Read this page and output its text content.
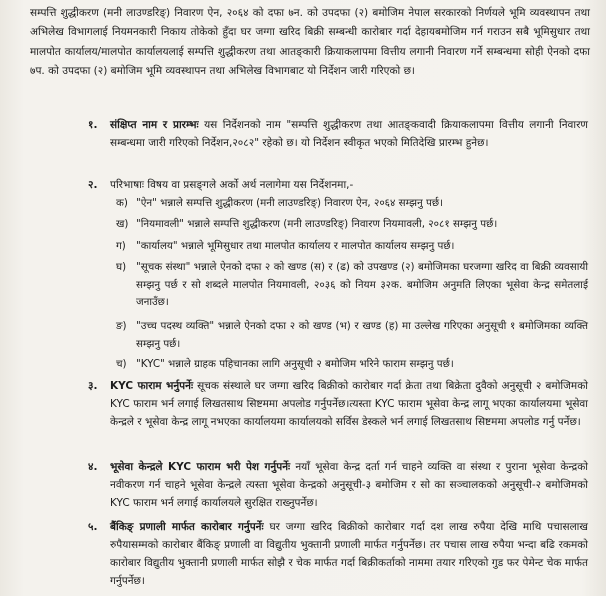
सम्पत्ति शुद्धीकरण (मनी लाउण्डरिङ्) निवारण ऐन, २०६४ को दफा ७न. को उपदफा (२) बमोजिम नेपाल सरकारको निर्णयले भूमि व्यवस्थापन तथा अभिलेख विभागलाई नियमनकारी निकाय तोकेको हुँदा घर जग्गा खरिद बिक्री सम्बन्धी कारोबार गर्दा देहायबमोजिम गर्न गराउन सबै भूमिसुधार तथा मालपोत कार्यालय/मालपोत कार्यालयलाई सम्पत्ति शुद्धीकरण तथा आतङ्‌कारी क्रियाकलापमा वित्तीय लगानी निवारण गर्ने सम्बन्धमा सोही ऐनको दफा ७प. को उपदफा (२) बमोजिम भूमि व्यवस्थापन तथा अभिलेख विभागबाट यो निर्देशन जारी गरिएको छ।

१. संक्षिप्त नाम र प्रारम्भः यस निर्देशनको नाम "सम्पत्ति शुद्धीकरण तथा आतङ्‌कवादी क्रियाकलापमा वित्तीय लगानी निवारण सम्बन्धमा जारी गरिएको निर्देशन,२०८२" रहेको छ। यो निर्देशन स्वीकृत भएको मितिदेखि प्रारम्भ हुनेछ।
२. परिभाषाः विषय वा प्रसङ्‌गले अर्को अर्थ नलागेमा यस निर्देशनमा,-
क) "ऐन" भन्नाले सम्पत्ति शुद्धीकरण (मनी लाउण्डरिङ्) निवारण ऐन, २०६४ सम्झनु पर्छ।
ख) "नियमावली" भन्नाले सम्पत्ति शुद्धीकरण (मनी लाउण्डरिङ्) निवारण नियमावली, २०८१ सम्झनु पर्छ।
ग) "कार्यालय" भन्नाले भूमिसुधार तथा मालपोत कार्यालय र मालपोत कार्यालय सम्झनु पर्छ।
घ) "सूचक संस्था" भन्नाले ऐनको दफा २ को खण्ड (स) र (ढ) को उपखण्ड (२) बमोजिमका घरजग्गा खरिद वा बिक्री व्यवसायी सम्झनु पर्छ र सो शब्दले मालपोत नियमावली, २०३६ को नियम ३२क. बमोजिम अनुमति लिएका भूसेवा केन्द्र समेतलाई जनाउँछ।
ङ) "उच्च पदस्थ व्यक्ति" भन्नाले ऐनको दफा २ को खण्ड (भ) र खण्ड (ह) मा उल्लेख गरिएका अनुसूची १ बमोजिमका व्यक्ति सम्झनु पर्छ।
च) "KYC" भन्नाले ग्राहक पहिचानका लागि अनुसूची २ बमोजिम भरिने फाराम सम्झनु पर्छ।
३. KYC फाराम भर्नुपर्नेः सूचक संस्थाले घर जग्गा खरिद बिक्रीको कारोबार गर्दा क्रेता तथा बिक्रेता दुवैको अनुसूची २ बमोजिमको KYC फाराम भर्न लगाई लिखतसाथ सिष्टममा अपलोड गर्नुपर्नेछ।त्यस्ता KYC फाराम भूसेवा केन्द्र लागू भएका कार्यालयमा भूसेवा केन्द्रले र भूसेवा केन्द्र लागू नभएका कार्यालयमा कार्यालयको सर्विस डेस्कले भर्न लगाई लिखतसाथ सिष्टममा अपलोड गर्नु पर्नेछ।
४. भूसेवा केन्द्रले KYC फाराम भरी पेश गर्नुपर्नेः नयाँ भूसेवा केन्द्र दर्ता गर्न चाहने व्यक्ति वा संस्था र पुराना भूसेवा केन्द्रको नवीकरण गर्न चाहने भूसेवा केन्द्रले त्यस्ता भूसेवा केन्द्रको अनुसूची-३ बमोजिम र सो का सञ्चालकको अनुसूची-२ बमोजिमको KYC फाराम भर्न लगाई कार्यालयले सुरक्षित राख्नुपर्नेछ।
५. बैंकिङ्‌ प्रणाली मार्फत कारोबार गर्नुपर्नेः घर जग्गा खरिद बिक्रीको कारोबार गर्दा दश लाख रुपैया देखि माथि पचासलाख रुपैयासम्मको कारोबार बैंकिङ्‌ प्रणाली वा विद्युतीय भुक्तानी प्रणाली मार्फत गर्नुपर्नेछ। तर पचास लाख रुपैया भन्दा बढि रकमको कारोबार विद्युतीय भुक्तानी प्रणाली मार्फत सोझै र चेक मार्फत गर्दा बिक्रीकर्ताको नाममा तयार गरिएको गुड फर पेमेन्ट चेक मार्फत गर्नुपर्नेछ।
